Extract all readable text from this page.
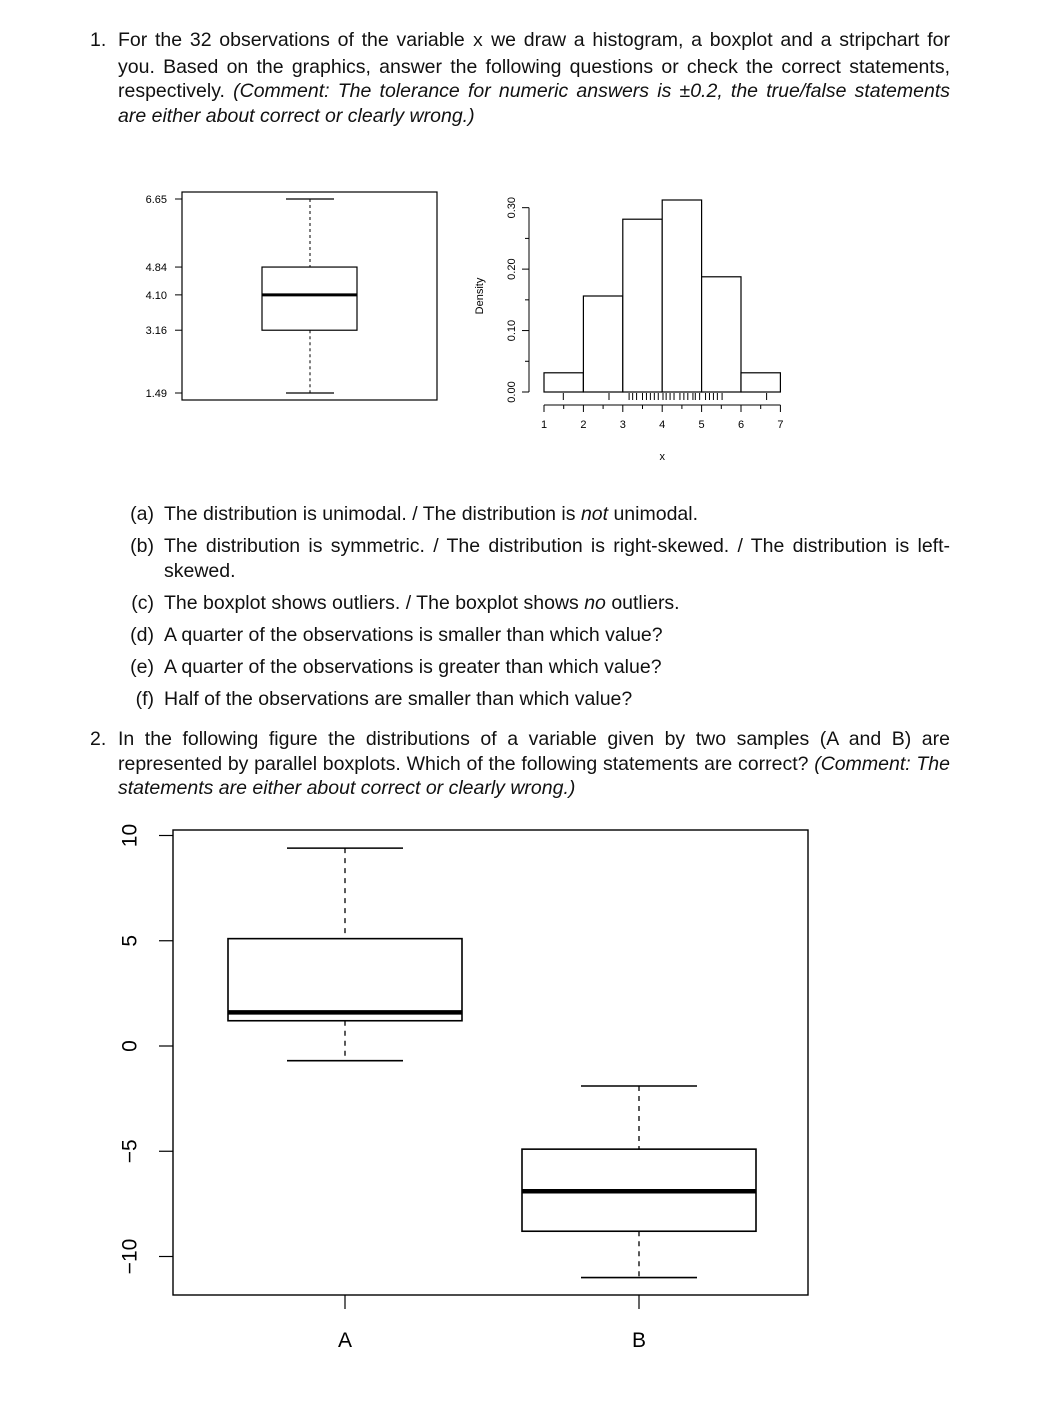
1. For the 32 observations of the variable x we draw a histogram, a boxplot and a stripchart for you. Based on the graphics, answer the following questions or check the correct statements, respectively. (Comment: The tolerance for numeric answers is ±0.2, the true/false statements are either about correct or clearly wrong.)
6.65
4.84
4.10
3.16
1.49	0.00
0.10
0.20
0.30
Density
1	2	3	4	5	6	7
x
(a) The distribution is unimodal. / The distribution is not unimodal.
(b) The distribution is symmetric. / The distribution is right-skewed. / The distribution is left-skewed.
(c) The boxplot shows outliers. / The boxplot shows no outliers.
(d) A quarter of the observations is smaller than which value?
(e) A quarter of the observations is greater than which value?
(f) Half of the observations are smaller than which value?
2. In the following figure the distributions of a variable given by two samples (A and B) are represented by parallel boxplots. Which of the following statements are correct? (Comment: The statements are either about correct or clearly wrong.)
10
5
0
−5
−10
A	B
